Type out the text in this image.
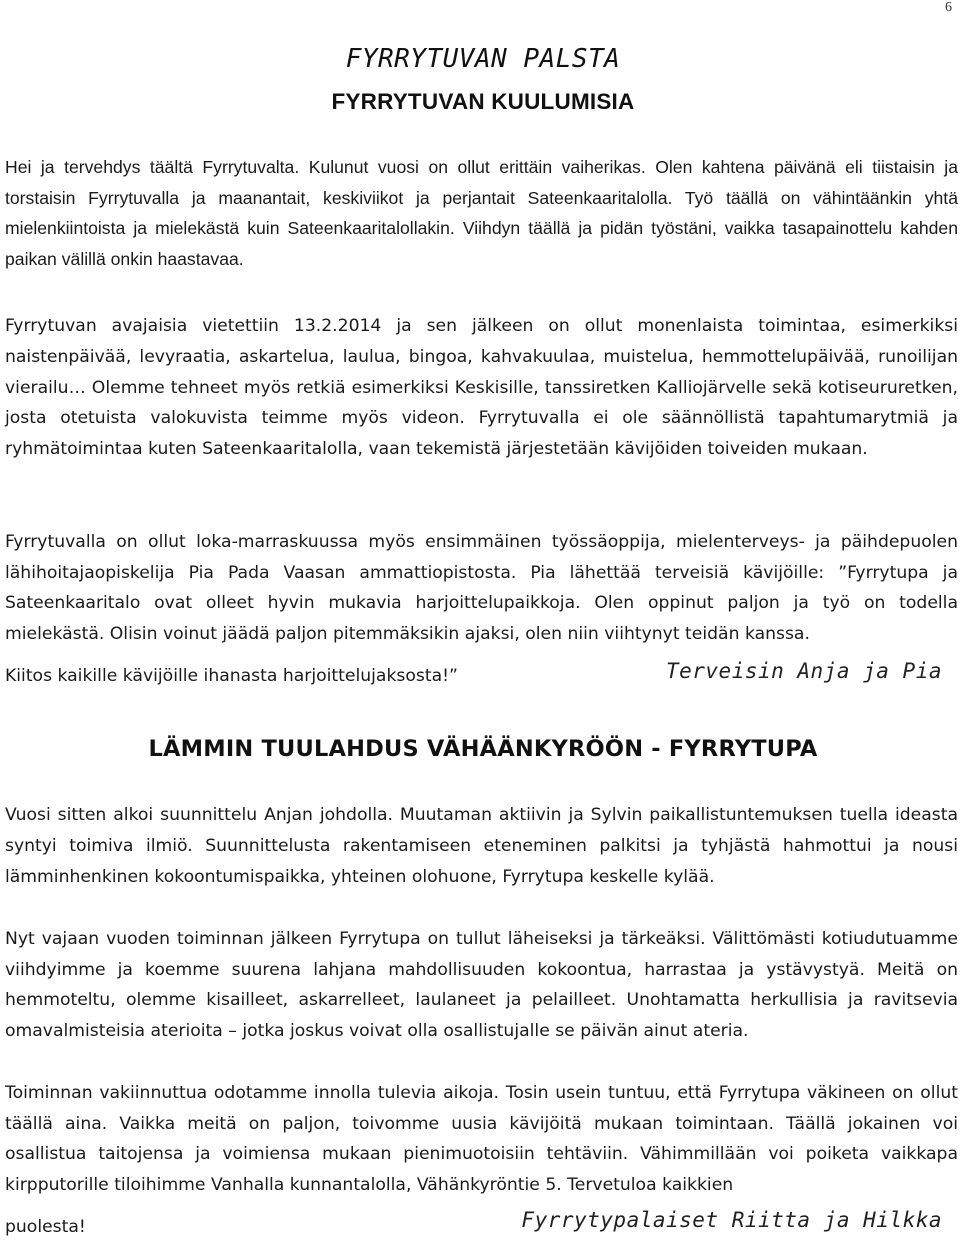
6
FYRRYTUVAN PALSTA
FYRRYTUVAN KUULUMISIA

Hei ja tervehdys täältä Fyrrytuvalta. Kulunut vuosi on ollut erittäin vaiherikas. Olen kahtena päivänä eli tiistaisin ja torstaisin Fyrrytuvalla ja maanantait, keskiviikot ja perjantait Sateenkaaritalolla. Työ täällä on vähintäänkin yhtä mielenkiintoista ja mielekästä kuin Sateenkaaritalollakin. Viihdyn täällä ja pidän työstäni, vaikka tasapainottelu kahden paikan välillä onkin haastavaa.

Fyrrytuvan avajaisia vietettiin 13.2.2014 ja sen jälkeen on ollut monenlaista toimintaa, esimerkiksi naistenpäivää, levyraatia, askartelua, laulua, bingoa, kahvakuulaa, muistelua, hemmottelupäivää, runoilijan vierailu… Olemme tehneet myös retkiä esimerkiksi Keskisille, tanssiretken Kalliojärvelle sekä kotiseururetken, josta otetuista valokuvista teimme myös videon. Fyrrytuvalla ei ole säännöllistä tapahtumarytmiä ja ryhmätoimintaa kuten Sateenkaaritalolla, vaan tekemistä järjestetään kävijöiden toiveiden mukaan.

Fyrrytuvalla on ollut loka-marraskuussa myös ensimmäinen työssäoppija, mielenterveys- ja päihdepuolen lähihoitajaopiskelija Pia Pada Vaasan ammattiopistosta. Pia lähettää terveisiä kävijöille: ”Fyrrytupa ja Sateenkaaritalo ovat olleet hyvin mukavia harjoittelupaikkoja. Olen oppinut paljon ja työ on todella mielekästä. Olisin voinut jäädä paljon pitemmäksikin ajaksi, olen niin viihtynyt teidän kanssa.

Kiitos kaikille kävijöille ihanasta harjoittelujaksosta!”	Terveisin Anja ja Pia
LÄMMIN TUULAHDUS VÄHÄÄNKYRÖÖN - FYRRYTUPA

Vuosi sitten alkoi suunnittelu Anjan johdolla. Muutaman aktiivin ja Sylvin paikallistuntemuksen tuella ideasta syntyi toimiva ilmiö. Suunnittelusta rakentamiseen eteneminen palkitsi ja tyhjästä hahmottui ja nousi lämminhenkinen kokoontumispaikka, yhteinen olohuone, Fyrrytupa keskelle kylää.

Nyt vajaan vuoden toiminnan jälkeen Fyrrytupa on tullut läheiseksi ja tärkeäksi. Välittömästi kotiudutuamme viihdyimme ja koemme suurena lahjana mahdollisuuden kokoontua, harrastaa ja ystävystyä. Meitä on hemmoteltu, olemme kisailleet, askarrelleet, laulaneet ja pelailleet. Unohtamatta herkullisia ja ravitsevia omavalmisteisia aterioita – jotka joskus voivat olla osallistujalle se päivän ainut ateria.

Toiminnan vakiinnuttua odotamme innolla tulevia aikoja. Tosin usein tuntuu, että Fyrrytupa väkineen on ollut täällä aina. Vaikka meitä on paljon, toivomme uusia kävijöitä mukaan toimintaan. Täällä jokainen voi osallistua taitojensa ja voimiensa mukaan pienimuotoisiin tehtäviin. Vähimmillään voi poiketa vaikkapa kirpputorille tiloihimme Vanhalla kunnantalolla, Vähänkyröntie 5. Tervetuloa kaikkien

puolesta!	Fyrrytypalaiset Riitta ja Hilkka
